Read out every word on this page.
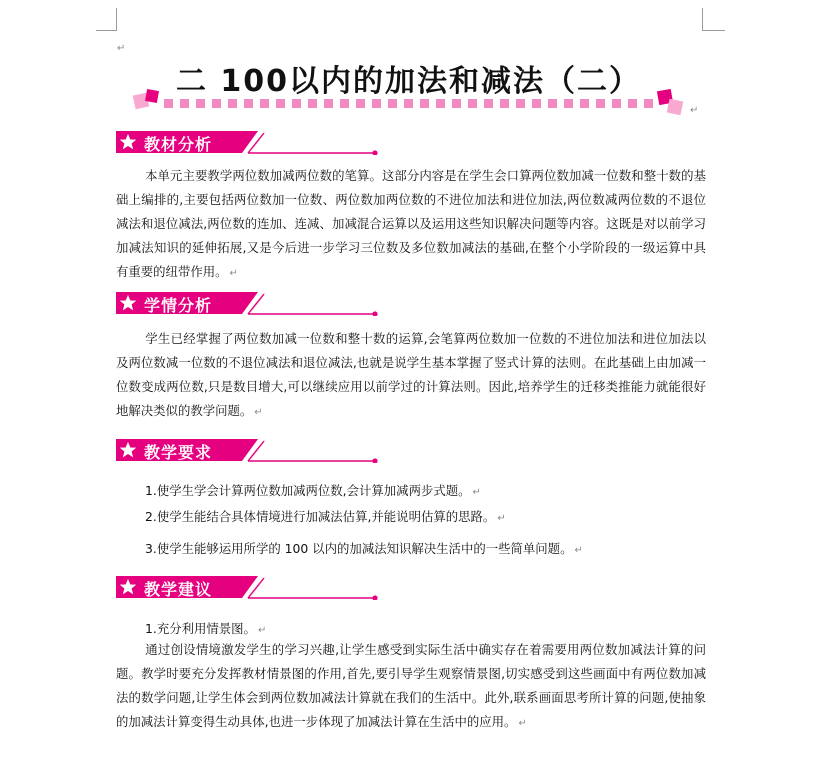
↵
二 100以内的加法和减法（二）
↵
教材分析
本单元主要教学两位数加减两位数的笔算。这部分内容是在学生会口算两位数加减一位数和整十数的基础上编排的,主要包括两位数加一位数、两位数加两位数的不进位加法和进位加法,两位数减两位数的不退位减法和退位减法,两位数的连加、连减、加减混合运算以及运用这些知识解决问题等内容。这既是对以前学习加减法知识的延伸拓展,又是今后进一步学习三位数及多位数加减法的基础,在整个小学阶段的一级运算中具有重要的纽带作用。 ↵
学情分析
学生已经掌握了两位数加减一位数和整十数的运算,会笔算两位数加一位数的不进位加法和进位加法以及两位数减一位数的不退位减法和退位减法,也就是说学生基本掌握了竖式计算的法则。在此基础上由加减一位数变成两位数,只是数目增大,可以继续应用以前学过的计算法则。因此,培养学生的迁移类推能力就能很好地解决类似的教学问题。 ↵
教学要求
1.使学生学会计算两位数加减两位数,会计算加减两步式题。 ↵
2.使学生能结合具体情境进行加减法估算,并能说明估算的思路。 ↵
3.使学生能够运用所学的 100 以内的加减法知识解决生活中的一些简单问题。 ↵
教学建议
1.充分利用情景图。 ↵
通过创设情境激发学生的学习兴趣,让学生感受到实际生活中确实存在着需要用两位数加减法计算的问题。教学时要充分发挥教材情景图的作用,首先,要引导学生观察情景图,切实感受到这些画面中有两位数加减法的数学问题,让学生体会到两位数加减法计算就在我们的生活中。此外,联系画面思考所计算的问题,使抽象的加减法计算变得生动具体,也进一步体现了加减法计算在生活中的应用。 ↵
